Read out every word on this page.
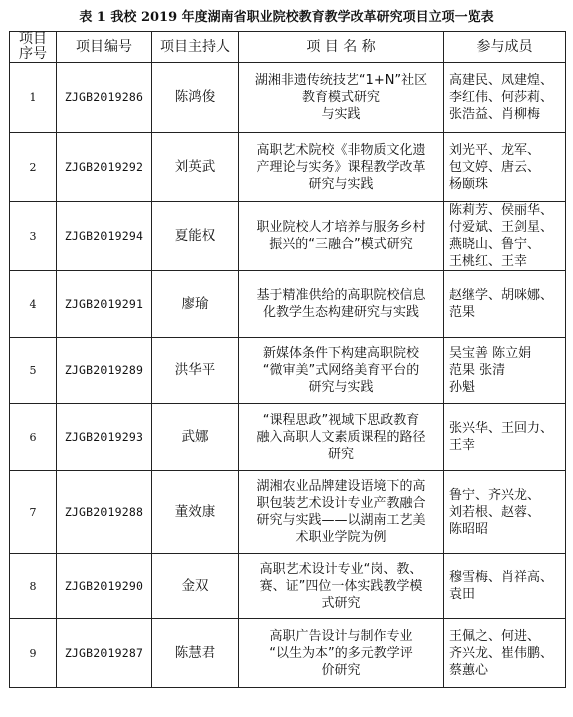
表 1 我校 2019 年度湖南省职业院校教育教学改革研究项目立项一览表
项目
序号	项目编号	项目主持人	项 目 名 称	参与成员
1	ZJGB2019286	陈鸿俊	湖湘非遗传统技艺“1+N”社区
教育模式研究
与实践	高建民、凤建煌、
李红伟、何莎莉、
张浩益、肖柳梅

2	ZJGB2019292	刘英武	高职艺术院校《非物质文化遗
产理论与实务》课程教学改革
研究与实践	刘光平、龙军、
包文婷、唐云、
杨颐珠

3	ZJGB2019294	夏能权	职业院校人才培养与服务乡村
振兴的“三融合”模式研究	陈莉芳、侯丽华、
付爱斌、王剑星、
燕晓山、鲁宁、
王桃红、王幸

4	ZJGB2019291	廖瑜	基于精准供给的高职院校信息
化教学生态构建研究与实践	赵继学、胡咪娜、
范果

5	ZJGB2019289	洪华平	新媒体条件下构建高职院校
“微审美”式网络美育平台的
研究与实践	吴宝善 陈立娟
范果 张清
孙魁

6	ZJGB2019293	武娜	“课程思政”视域下思政教育
融入高职人文素质课程的路径
研究	张兴华、王回力、
王幸

7	ZJGB2019288	董效康	湖湘农业品牌建设语境下的高
职包装艺术设计专业产教融合
研究与实践——以湖南工艺美
术职业学院为例	鲁宁、齐兴龙、
刘若根、赵蓉、
陈昭昭

8	ZJGB2019290	金双	高职艺术设计专业“岗、教、
赛、证”四位一体实践教学模
式研究	穆雪梅、肖祥高、
袁田

9	ZJGB2019287	陈慧君	高职广告设计与制作专业
“以生为本”的多元教学评
价研究	王佩之、何进、
齐兴龙、崔伟鹏、
蔡蕙心
